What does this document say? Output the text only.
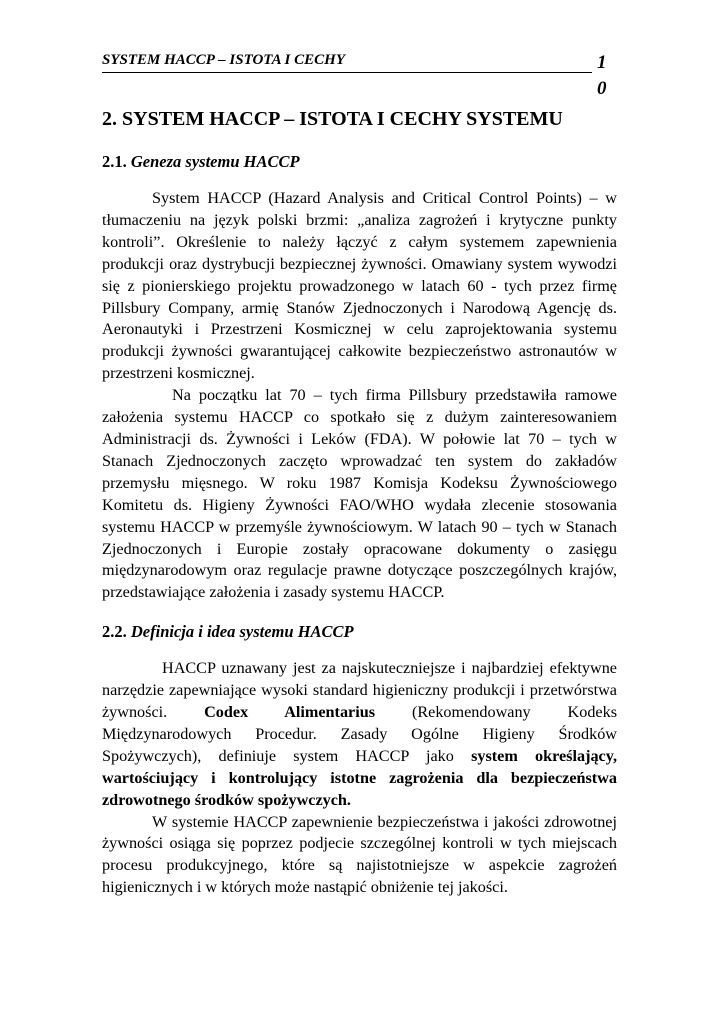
SYSTEM HACCP – ISTOTA I CECHY	1
0
2. SYSTEM HACCP – ISTOTA I CECHY SYSTEMU
2.1. Geneza systemu HACCP

System HACCP (Hazard Analysis and Critical Control Points) – w tłumaczeniu na język polski brzmi: „analiza zagrożeń i krytyczne punkty kontroli”. Określenie to należy łączyć z całym systemem zapewnienia produkcji oraz dystrybucji bezpiecznej żywności. Omawiany system wywodzi się z pionierskiego projektu prowadzonego w latach 60 - tych przez firmę Pillsbury Company, armię Stanów Zjednoczonych i Narodową Agencję ds. Aeronautyki i Przestrzeni Kosmicznej w celu zaprojektowania systemu produkcji żywności gwarantującej całkowite bezpieczeństwo astronautów w przestrzeni kosmicznej.

Na początku lat 70 – tych firma Pillsbury przedstawiła ramowe założenia systemu HACCP co spotkało się z dużym zainteresowaniem Administracji ds. Żywności i Leków (FDA). W połowie lat 70 – tych w Stanach Zjednoczonych zaczęto wprowadzać ten system do zakładów przemysłu mięsnego. W roku 1987 Komisja Kodeksu Żywnościowego Komitetu ds. Higieny Żywności FAO/WHO wydała zlecenie stosowania systemu HACCP w przemyśle żywnościowym. W latach 90 – tych w Stanach Zjednoczonych i Europie zostały opracowane dokumenty o zasięgu międzynarodowym oraz regulacje prawne dotyczące poszczególnych krajów, przedstawiające założenia i zasady systemu HACCP.

2.2. Definicja i idea systemu HACCP

HACCP uznawany jest za najskuteczniejsze i najbardziej efektywne narzędzie zapewniające wysoki standard higieniczny produkcji i przetwórstwa żywności. Codex Alimentarius (Rekomendowany Kodeks Międzynarodowych Procedur. Zasady Ogólne Higieny Środków Spożywczych), definiuje system HACCP jako system określający, wartościujący i kontrolujący istotne zagrożenia dla bezpieczeństwa zdrowotnego środków spożywczych.

W systemie HACCP zapewnienie bezpieczeństwa i jakości zdrowotnej żywności osiąga się poprzez podjecie szczególnej kontroli w tych miejscach procesu produkcyjnego, które są najistotniejsze w aspekcie zagrożeń higienicznych i w których może nastąpić obniżenie tej jakości.
